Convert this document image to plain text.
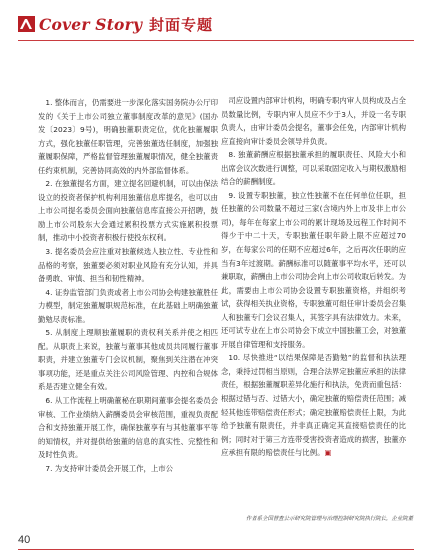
Cover Story 封面专题

1. 整体而言，仍需要进一步深化落实国务院办公厅印发的《关于上市公司独立董事制度改革的意见》(国办发〔2023〕9号)，明确独董职责定位，优化独董履职方式，强化独董任职管理，完善独董选任制度，加强独董履职保障，严格监督管理独董履职情况，健全独董责任约束机制，完善协同高效的内外部监督体系。

2. 在独董提名方面，建立提名回避机制，可以由保法设立的投资者保护机构利用独董信息库提名，也可以由上市公司提名委员会面向独董信息库直接公开招聘，鼓励上市公司股东大会通过累积投票方式实施累积投票制，推动中小投资者积极行使投东权利。

3. 提名委员会应注重对独董候选人独立性、专业性和品格的考察，独董要必须对职业风险有充分认知，并具备勇敢、审慎、担当和韧性精神。

4. 证券监管部门负责或者上市公司协会构建独董胜任力模型，制定独董履职规范标准，在此基础上明确独董勤勉尽责标准。

5. 从制度上理顺独董履职的责权利关系并使之相匹配。从职责上来说，独董与董事其他成员共同履行董事职责，并建立独董专门会议机制，聚焦到关注潜在冲突事项功能，还是重点关注公司风险管理、内控和合规体系是否建立健全有效。

6. 从工作流程上明确董秘在职期间董事会提名委员会审核、工作业绩纳入薪酬委员会审核范围，重视负责配合和支持独董开展工作，确保独董享有与其他董事平等的知情权，并对提供给独董的信息的真实性、完整性和及时性负责。

7. 为支持审计委员会开展工作，上市公

司应设置内部审计机构，明确专职内审人员构成及占全员数量比例，专职内审人员应不少于3人，并设一名专职负责人，由审计委员会提名，董事会任免，内部审计机构应直接向审计委员会领导并负责。

8. 独董薪酬应根据独董承担的履职责任、风险大小和出席会议次数进行调整，可以采取固定收入与期权激励相结合的薪酬制度。

9. 设置专职独董，独立性独董不在任何单位任职，担任独董的公司数量不超过三家(含境内外上市及非上市公司)，每年在每家上市公司的累计现场及远程工作时间不得少于中二十天，专职独董任职年龄上限不应超过70岁，在每家公司的任期不应超过6年，之后再次任职的应当有3年过渡期。薪酬标准可以随董事平均水平，还可以兼职取，薪酬由上市公司协会向上市公司收取后转发。为此，需要由上市公司协会设置专职独董资格，并组织考试，获得相关执业资格，专职独董可组任审计委员会召集人和独董专门会议召集人，其签字具有法律效力。未来，还可试专业在上市公司协会下成立中国独董工会，对独董开展自律管理和支持服务。

10. 尽快推进“以结果保障是否勤勉”的监督和执法理念，秉持过罚相当原则，合理合法界定独董应承担的法律责任，根据独董履职差异化施行和执法，免责而重包括：根据过错与否、过错大小，确定独董的赔偿责任范围；减轻其他连带赔偿责任形式；确定独董赔偿责任上限，为此给予独董有限责任，并非真正确定其直接赔偿责任的比例；同时对于第三方连带受害投资者造成的损害，独董亦应承担有限的赔偿责任与比例。▣

作者系全国督查公示研究院管理与治理控制研究院执行院长，企业院董
40
